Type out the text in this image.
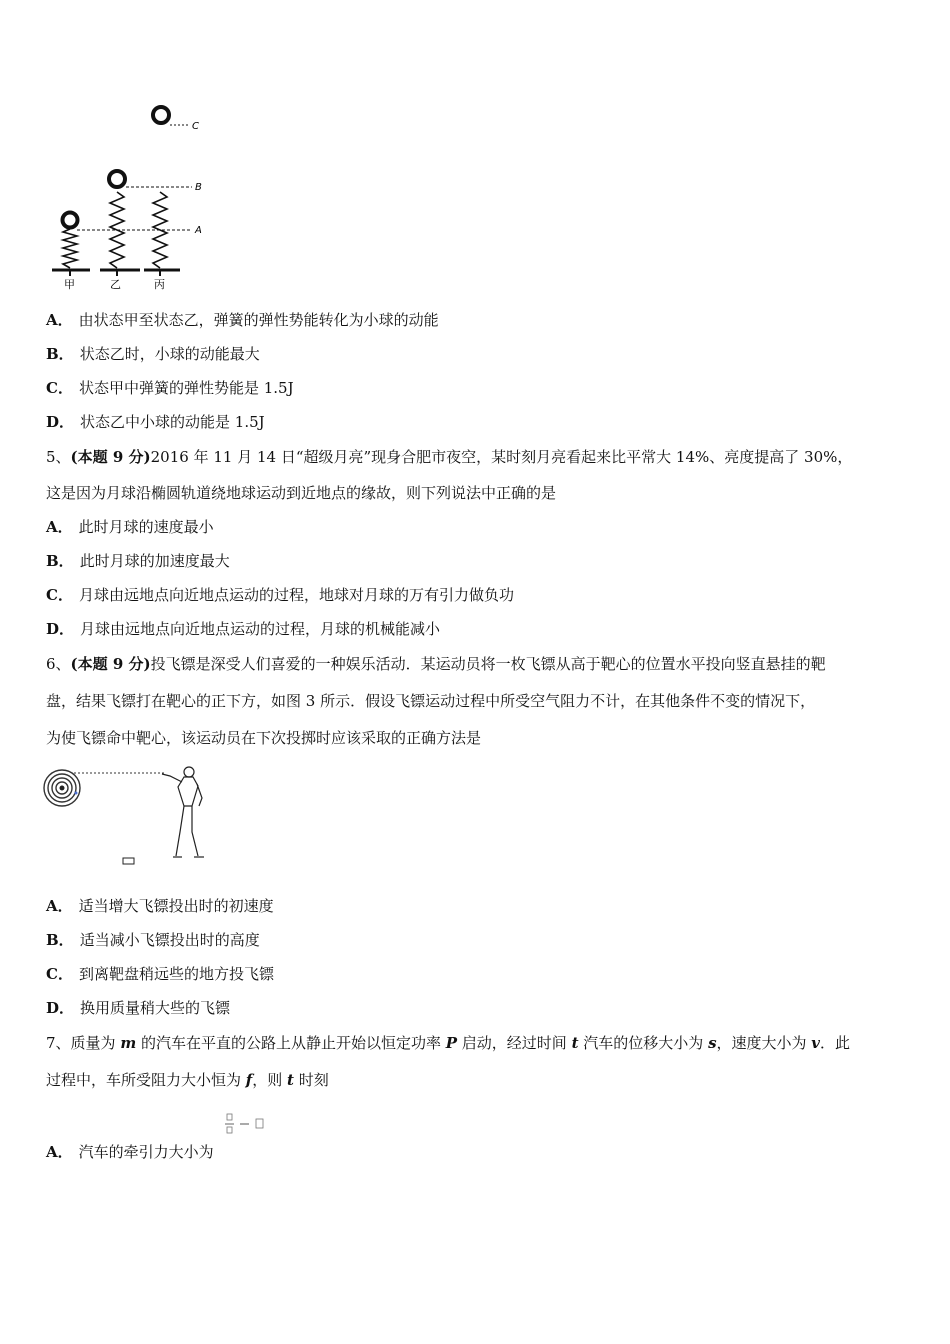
C
B
A
甲	乙	丙
A． 由状态甲至状态乙，弹簧的弹性势能转化为小球的动能
B． 状态乙时，小球的动能最大
C． 状态甲中弹簧的弹性势能是 1.5J
D． 状态乙中小球的动能是 1.5J
5、(本题 9 分)2016 年 11 月 14 日“超级月亮”现身合肥市夜空，某时刻月亮看起来比平常大 14%、亮度提高了 30%，
这是因为月球沿椭圆轨道绕地球运动到近地点的缘故，则下列说法中正确的是
A． 此时月球的速度最小
B． 此时月球的加速度最大
C． 月球由远地点向近地点运动的过程，地球对月球的万有引力做负功
D． 月球由远地点向近地点运动的过程，月球的机械能减小
6、(本题 9 分)投飞镖是深受人们喜爱的一种娱乐活动．某运动员将一枚飞镖从高于靶心的位置水平投向竖直悬挂的靶
盘，结果飞镖打在靶心的正下方，如图 3 所示．假设飞镖运动过程中所受空气阻力不计，在其他条件不变的情况下，
为使飞镖命中靶心，该运动员在下次投掷时应该采取的正确方法是
A． 适当增大飞镖投出时的初速度
B． 适当减小飞镖投出时的高度
C． 到离靶盘稍远些的地方投飞镖
D． 换用质量稍大些的飞镖
7、质量为 m 的汽车在平直的公路上从静止开始以恒定功率 P 启动，经过时间 t 汽车的位移大小为 s，速度大小为 v．此
过程中，车所受阻力大小恒为 f，则 t 时刻
A． 汽车的牵引力大小为
